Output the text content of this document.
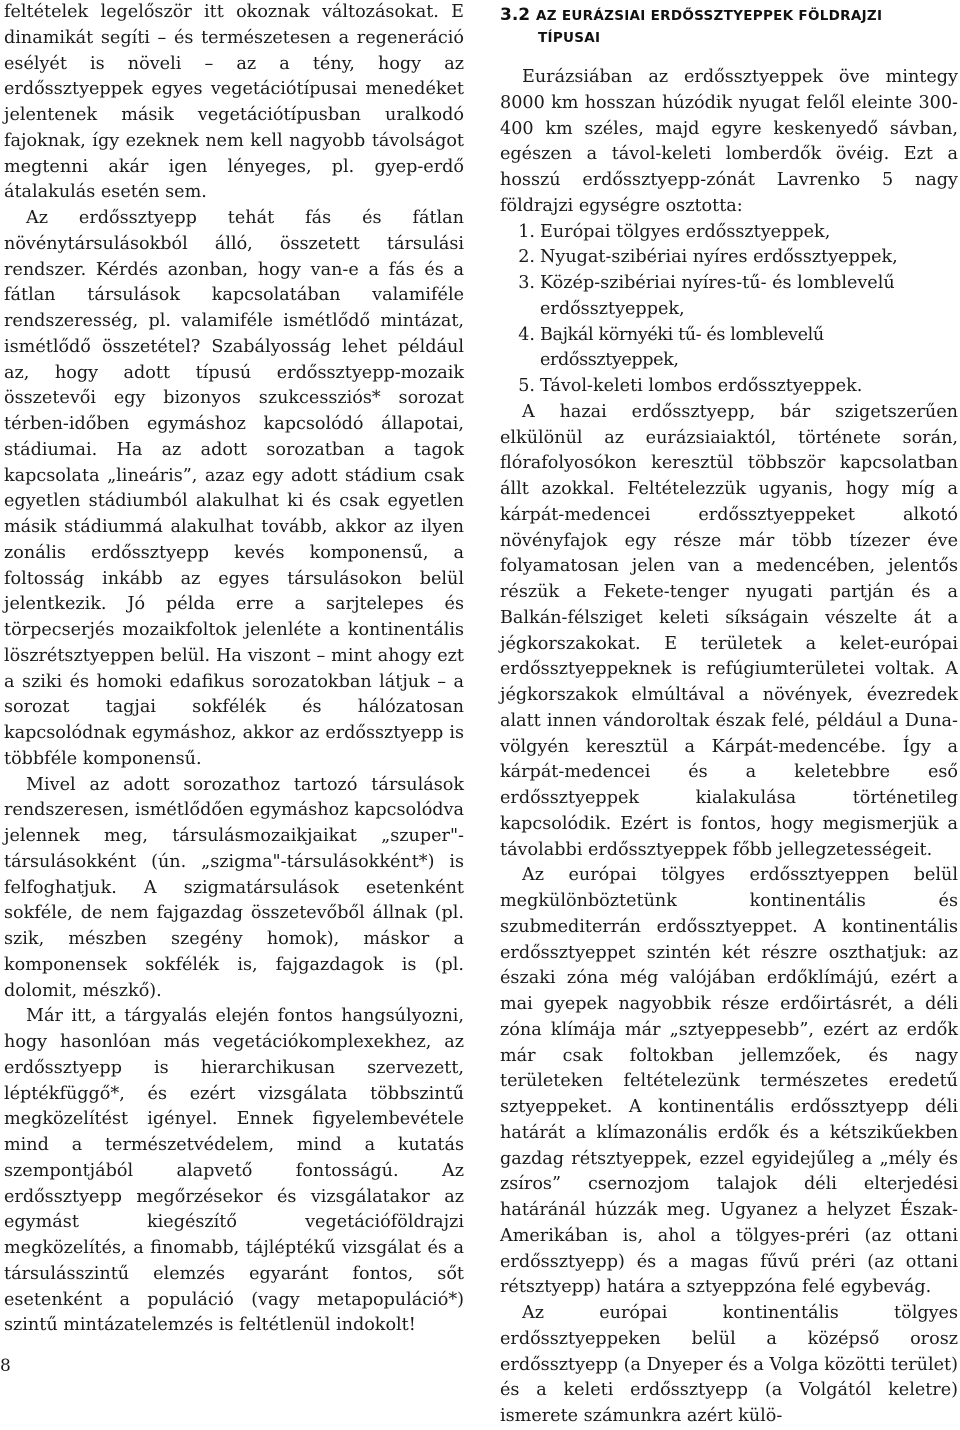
feltételek legelőször itt okoznak változásokat. E dinamikát segíti – és természetesen a regeneráció esélyét is növeli – az a tény, hogy az erdőssztyeppek egyes vegetációtípusai menedéket jelentenek másik vegetációtípusban uralkodó fajoknak, így ezeknek nem kell nagyobb távolságot megtenni akár igen lényeges, pl. gyep-erdő átalakulás esetén sem.

Az erdőssztyepp tehát fás és fátlan növénytársulásokból álló, összetett társulási rendszer. Kérdés azonban, hogy van-e a fás és a fátlan társulások kapcsolatában valamiféle rendszeresség, pl. valamiféle ismétlődő mintázat, ismétlődő összetétel? Szabályosság lehet például az, hogy adott típusú erdőssztyepp-mozaik összetevői egy bizonyos szukcessziós* sorozat térben-időben egymáshoz kapcsolódó állapotai, stádiumai. Ha az adott sorozatban a tagok kapcsolata „lineáris”, azaz egy adott stádium csak egyetlen stádiumból alakulhat ki és csak egyetlen másik stádiummá alakulhat tovább, akkor az ilyen zonális erdőssztyepp kevés komponensű, a foltosság inkább az egyes társulásokon belül jelentkezik. Jó példa erre a sarjtelepes és törpecserjés mozaikfoltok jelenléte a kontinentális löszrétsztyeppen belül. Ha viszont – mint ahogy ezt a sziki és homoki edafikus sorozatokban látjuk – a sorozat tagjai sokfélék és hálózatosan kapcsolódnak egymáshoz, akkor az erdőssztyepp is többféle komponensű.

Mivel az adott sorozathoz tartozó társulások rendszeresen, ismétlődően egymáshoz kapcsolódva jelennek meg, társulásmozaikjaikat „szuper"-társulásokként (ún. „szigma"-társulásokként*) is felfoghatjuk. A szigmatársulások esetenként sokféle, de nem fajgazdag összetevőből állnak (pl. szik, mészben szegény homok), máskor a komponensek sokfélék is, fajgazdagok is (pl. dolomit, mészkő).

Már itt, a tárgyalás elején fontos hangsúlyozni, hogy hasonlóan más vegetációkomplexekhez, az erdőssztyepp is hierarchikusan szervezett, léptékfüggő*, és ezért vizsgálata többszintű megközelítést igényel. Ennek figyelembevétele mind a természetvédelem, mind a kutatás szempontjából alapvető fontosságú. Az erdőssztyepp megőrzésekor és vizsgálatakor az egymást kiegészítő vegetációföldrajzi megközelítés, a finomabb, tájléptékű vizsgálat és a társulásszintű elemzés egyaránt fontos, sőt esetenként a populáció (vagy metapopuláció*) szintű mintázatelemzés is feltétlenül indokolt!

3.2 AZ EURÁZSIAI ERDŐSSZTYEPPEK FÖLDRAJZI
TÍPUSAI

Eurázsiában az erdőssztyeppek öve mintegy 8000 km hosszan húzódik nyugat felől eleinte 300-400 km széles, majd egyre keskenyedő sávban, egészen a távol-keleti lomberdők övéig. Ezt a hosszú erdőssztyepp-zónát Lavrenko 5 nagy földrajzi egységre osztotta:

1. Európai tölgyes erdőssztyeppek,
2. Nyugat-szibériai nyíres erdőssztyeppek,
3. Közép-szibériai nyíres-tű- és lomblevelű erdőssztyeppek,
4. Bajkál környéki tű- és lomblevelű erdőssztyeppek,
5. Távol-keleti lombos erdőssztyeppek.

A hazai erdőssztyepp, bár szigetszerűen elkülönül az eurázsiaiaktól, története során, flórafolyosókon keresztül többször kapcsolatban állt azokkal. Feltételezzük ugyanis, hogy míg a kárpát-medencei erdőssztyeppeket alkotó növényfajok egy része már több tízezer éve folyamatosan jelen van a medencében, jelentős részük a Fekete-tenger nyugati partján és a Balkán-félsziget keleti síkságain vészelte át a jégkorszakokat. E területek a kelet-európai erdőssztyeppeknek is refúgiumterületei voltak. A jégkorszakok elmúltával a növények, évezredek alatt innen vándoroltak észak felé, például a Duna-völgyén keresztül a Kárpát-medencébe. Így a kárpát-medencei és a keletebbre eső erdőssztyeppek kialakulása történetileg kapcsolódik. Ezért is fontos, hogy megismerjük a távolabbi erdőssztyeppek főbb jellegzetességeit.

Az európai tölgyes erdőssztyeppen belül megkülönböztetünk kontinentális és szubmediterrán erdőssztyeppet. A kontinentális erdőssztyeppet szintén két részre oszthatjuk: az északi zóna még valójában erdőklímájú, ezért a mai gyepek nagyobbik része erdőirtásrét, a déli zóna klímája már „sztyeppesebb”, ezért az erdők már csak foltokban jellemzőek, és nagy területeken feltételezünk természetes eredetű sztyeppeket. A kontinentális erdőssztyepp déli határát a klímazonális erdők és a kétszikűekben gazdag rétsztyeppek, ezzel egyidejűleg a „mély és zsíros” csernozjom talajok déli elterjedési határánál húzzák meg. Ugyanez a helyzet Észak-Amerikában is, ahol a tölgyes-préri (az ottani erdőssztyepp) és a magas fűvű préri (az ottani rétsztyepp) határa a sztyeppzóna felé egybevág.

Az európai kontinentális tölgyes erdőssztyeppeken belül a középső orosz erdőssztyepp (a Dnyeper és a Volga közötti terület) és a keleti erdőssztyepp (a Volgától keletre) ismerete számunkra azért külö-

8
